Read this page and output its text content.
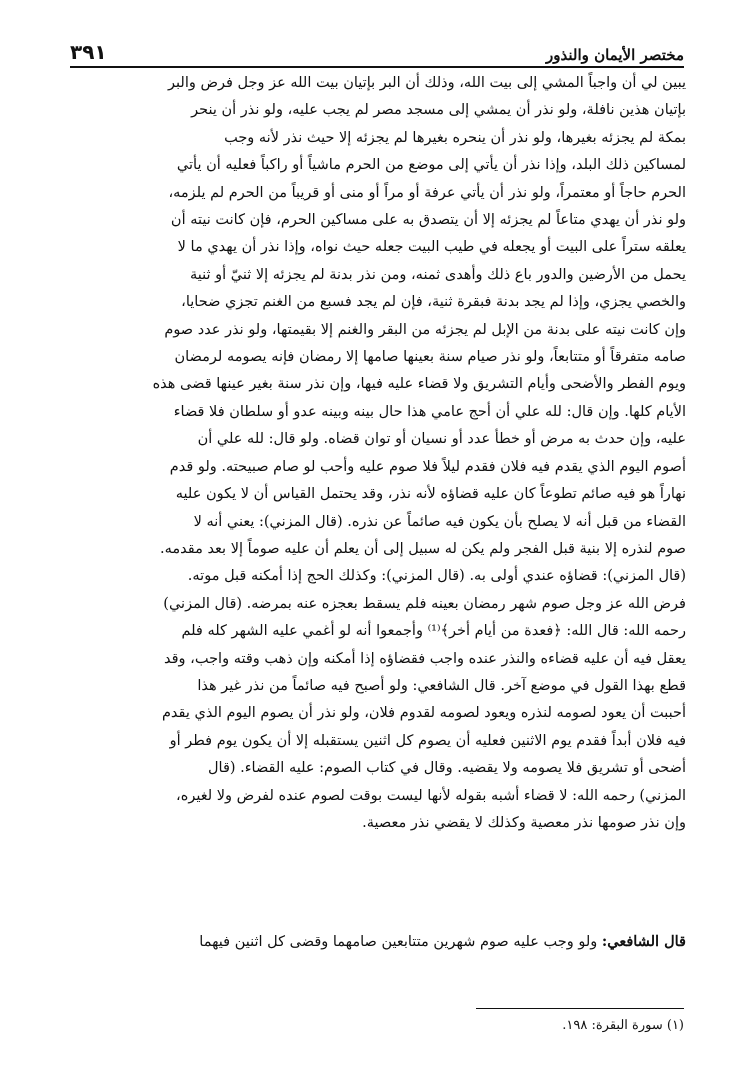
٣٩١	مختصر الأيمان والنذور

يبين لي أن واجباً المشي إلى بيت الله، وذلك أن البر بإتيان بيت الله عز وجل فرض والبر

بإتيان هذين نافلة، ولو نذر أن يمشي إلى مسجد مصر لم يجب عليه، ولو نذر أن ينحر

بمكة لم يجزئه بغيرها، ولو نذر أن ينحره بغيرها لم يجزئه إلا حيث نذر لأنه وجب

لمساكين ذلك البلد، وإذا نذر أن يأتي إلى موضع من الحرم ماشياً أو راكباً فعليه أن يأتي

الحرم حاجاً أو معتمراً، ولو نذر أن يأتي عرفة أو مراً أو منى أو قريباً من الحرم لم يلزمه،

ولو نذر أن يهدي متاعاً لم يجزئه إلا أن يتصدق به على مساكين الحرم، فإن كانت نيته أن

يعلقه ستراً على البيت أو يجعله في طيب البيت جعله حيث نواه، وإذا نذر أن يهدي ما لا

يحمل من الأرضين والدور باع ذلك وأهدى ثمنه، ومن نذر بدنة لم يجزئه إلا ثنيّ أو ثنية

والخصي يجزي، وإذا لم يجد بدنة فبقرة ثنية، فإن لم يجد فسبع من الغنم تجزي ضحايا،

وإن كانت نيته على بدنة من الإبل لم يجزئه من البقر والغنم إلا بقيمتها، ولو نذر عدد صوم

صامه متفرقاً أو متتابعاً، ولو نذر صيام سنة بعينها صامها إلا رمضان فإنه يصومه لرمضان

ويوم الفطر والأضحى وأيام التشريق ولا قضاء عليه فيها، وإن نذر سنة بغير عينها قضى هذه

الأيام كلها. وإن قال: لله علي أن أحج عامي هذا حال بينه وبينه عدو أو سلطان فلا قضاء

عليه، وإن حدث به مرض أو خطأ عدد أو نسيان أو توان قضاه. ولو قال: لله علي أن

أصوم اليوم الذي يقدم فيه فلان فقدم ليلاً فلا صوم عليه وأحب لو صام صبيحته. ولو قدم

نهاراً هو فيه صائم تطوعاً كان عليه قضاؤه لأنه نذر، وقد يحتمل القياس أن لا يكون عليه

القضاء من قبل أنه لا يصلح بأن يكون فيه صائماً عن نذره. (قال المزني): يعني أنه لا

صوم لنذره إلا بنية قبل الفجر ولم يكن له سبيل إلى أن يعلم أن عليه صوماً إلا بعد مقدمه.

(قال المزني): قضاؤه عندي أولى به. (قال المزني): وكذلك الحج إذا أمكنه قبل موته.

فرض الله عز وجل صوم شهر رمضان بعينه فلم يسقط بعجزه عنه بمرضه. (قال المزني)

رحمه الله: قال الله: ﴿فعدة من أيام أخر﴾⁽¹⁾ وأجمعوا أنه لو أغمي عليه الشهر كله فلم

يعقل فيه أن عليه قضاءه والنذر عنده واجب فقضاؤه إذا أمكنه وإن ذهب وقته واجب، وقد

قطع بهذا القول في موضع آخر. قال الشافعي: ولو أصبح فيه صائماً من نذر غير هذا

أحببت أن يعود لصومه لنذره ويعود لصومه لقدوم فلان، ولو نذر أن يصوم اليوم الذي يقدم

فيه فلان أبداً فقدم يوم الاثنين فعليه أن يصوم كل اثنين يستقبله إلا أن يكون يوم فطر أو

أضحى أو تشريق فلا يصومه ولا يقضيه. وقال في كتاب الصوم: عليه القضاء. (قال

المزني) رحمه الله: لا قضاء أشبه بقوله لأنها ليست بوقت لصوم عنده لفرض ولا لغيره،

وإن نذر صومها نذر معصية وكذلك لا يقضي نذر معصية.

قال الشافعي: ولو وجب عليه صوم شهرين متتابعين صامهما وقضى كل اثنين فيهما
(١) سورة البقرة: ١٩٨.
